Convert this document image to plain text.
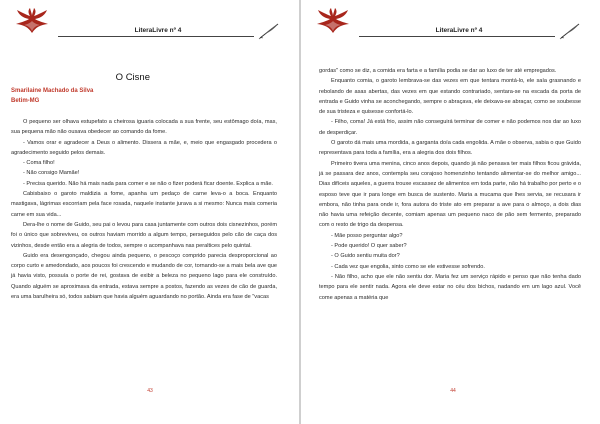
LiteraLivre nº 4
O Cisne
Smarilaine Machado da Silva
Betim-MG

O pequeno ser olhava estupefato a cheirosa iguaria colocada a sua frente, seu estômago doía, mas, sua pequena mão não ousava obedecer ao comando da fome.

- Vamos orar e agradecer a Deus o alimento. Dissera a mãe, e, meio que engasgado procedera o agradecimento seguido pelos demais.

- Coma filho!

- Não consigo Mamãe!

- Precisa querido. Não há mais nada para comer e se não o fizer poderá ficar doente. Explica a mãe.

Cabisbaixo o garoto maldizia a fome, apanha um pedaço de carne leva-o a boca. Enquanto mastigava, lágrimas escorriam pela face rosada, naquele instante jurava a si mesmo: Nunca mais comeria carne em sua vida...

Dera-lhe o nome de Guido, seu pai o levou para casa juntamente com outros dois cisnezinhos, porém foi o único que sobreviveu, os outros haviam morrido a algum tempo, perseguidos pelo cão de caça dos vizinhos, desde então era a alegria de todos, sempre o acompanhava nas peraltices pelo quintal.

Guido era desengonçado, chegou ainda pequeno, o pescoço comprido parecia desproporcional ao corpo curto e amedondado, aos poucos foi crescendo e mudando de cor, tornando-se a mais bela ave que já havia visto, possuía o porte de rei, gostava de exibir a beleza no pequeno lago para ele construído. Quando alguém se aproximava da entrada, estava sempre a postos, fazendo as vezes de cão de guarda, era uma barulheira só, todos sabiam que havia alguém aguardando no portão. Ainda era fase de "vacas

43
LiteraLivre nº 4

gordas" como se diz, a comida era farta e a família podia se dar ao luxo de ter até empregados.

Enquanto comia, o garoto lembrava-se das vezes em que tentara montá-lo, ele saía grasnando e rebolando de asas abertas, das vezes em que estando contrariado, sentara-se na escada da porta de entrada e Guido vinha se aconchegando, sempre o abraçava, ele deixava-se abraçar, como se soubesse de sua tristeza e quisesse confortá-lo.

- Filho, coma! Já está frio, assim não conseguirá terminar de comer e não podemos nos dar ao luxo de desperdiçar.

O garoto dá mais uma mordida, a garganta doía cada engolida. A mãe o observa, sabia o que Guido representava para toda a família, era a alegria dos dois filhos.

Primeiro tivera uma menina, cinco anos depois, quando já não pensava ter mais filhos ficou grávida, já se passara dez anos, contempla seu corajoso homenzinho tentando alimentar-se do melhor amigo... Dias difíceis aqueles, a guerra trouxe escassez de alimentos em toda parte, não há trabalho por perto e o esposo teve que ir para longe em busca de sustento. Maria a mucama que lhes servia, se recusara ir embora, não tinha para onde ir, fora autora do triste ato em preparar a ave para o almoço, a dois dias não havia uma refeição decente, comiam apenas um pequeno naco de pão sem fermento, preparado com o resto de trigo da despensa.

- Mãe posso perguntar algo?

- Pode querido! O quer saber?

- O Guido sentiu muita dor?

- Cada vez que engolia, sinto como se ele estivesse sofrendo.

- Não filho, acho que ele não sentiu dor. Maria fez um serviço rápido e penso que não tenha dado tempo para ele sentir nada. Agora ele deve estar no céu dos bichos, nadando em um lago azul. Você come apenas a matéria que

44
